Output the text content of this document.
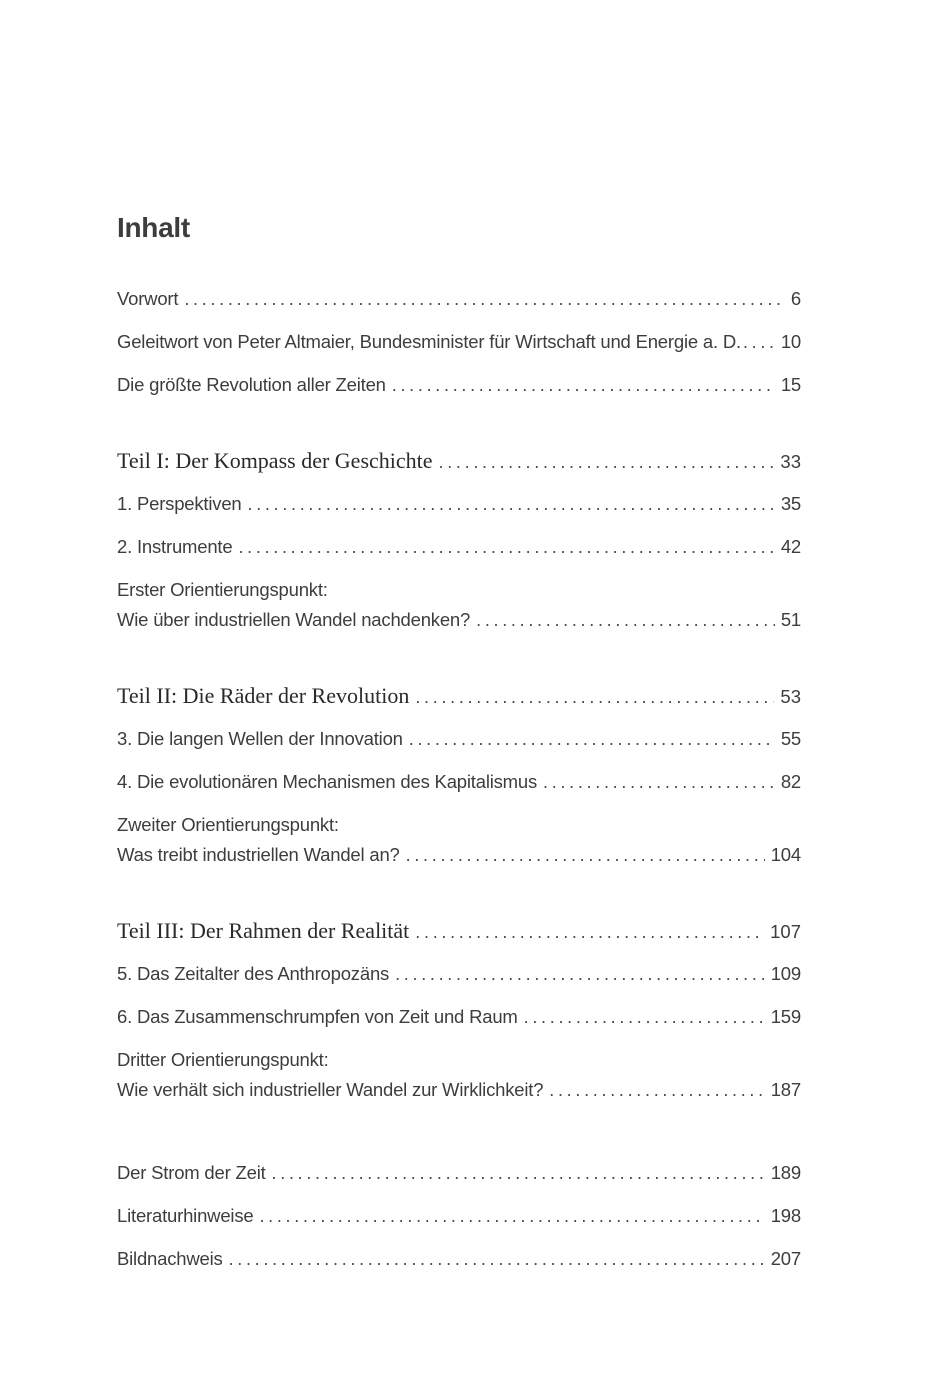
Inhalt
Vorwort . . .	6
Geleitwort von Peter Altmaier, Bundesminister für Wirtschaft und Energie a. D. . . . 10
Die größte Revolution aller Zeiten . . .	15
Teil I: Der Kompass der Geschichte . . .	33
1. Perspektiven . . .	35
2. Instrumente . . .	42
Erster Orientierungspunkt:
Wie über industriellen Wandel nachdenken? . . .	51
Teil II: Die Räder der Revolution . . .	53
3. Die langen Wellen der Innovation . . .	55
4. Die evolutionären Mechanismen des Kapitalismus . . .	82
Zweiter Orientierungspunkt:
Was treibt industriellen Wandel an? . . .	104
Teil III: Der Rahmen der Realität . . .	107
5. Das Zeitalter des Anthropozäns . . .	109
6. Das Zusammenschrumpfen von Zeit und Raum . . .	159
Dritter Orientierungspunkt:
Wie verhält sich industrieller Wandel zur Wirklichkeit? . . .	187
Der Strom der Zeit . . .	189
Literaturhinweise . . .	198
Bildnachweis . . .	207
